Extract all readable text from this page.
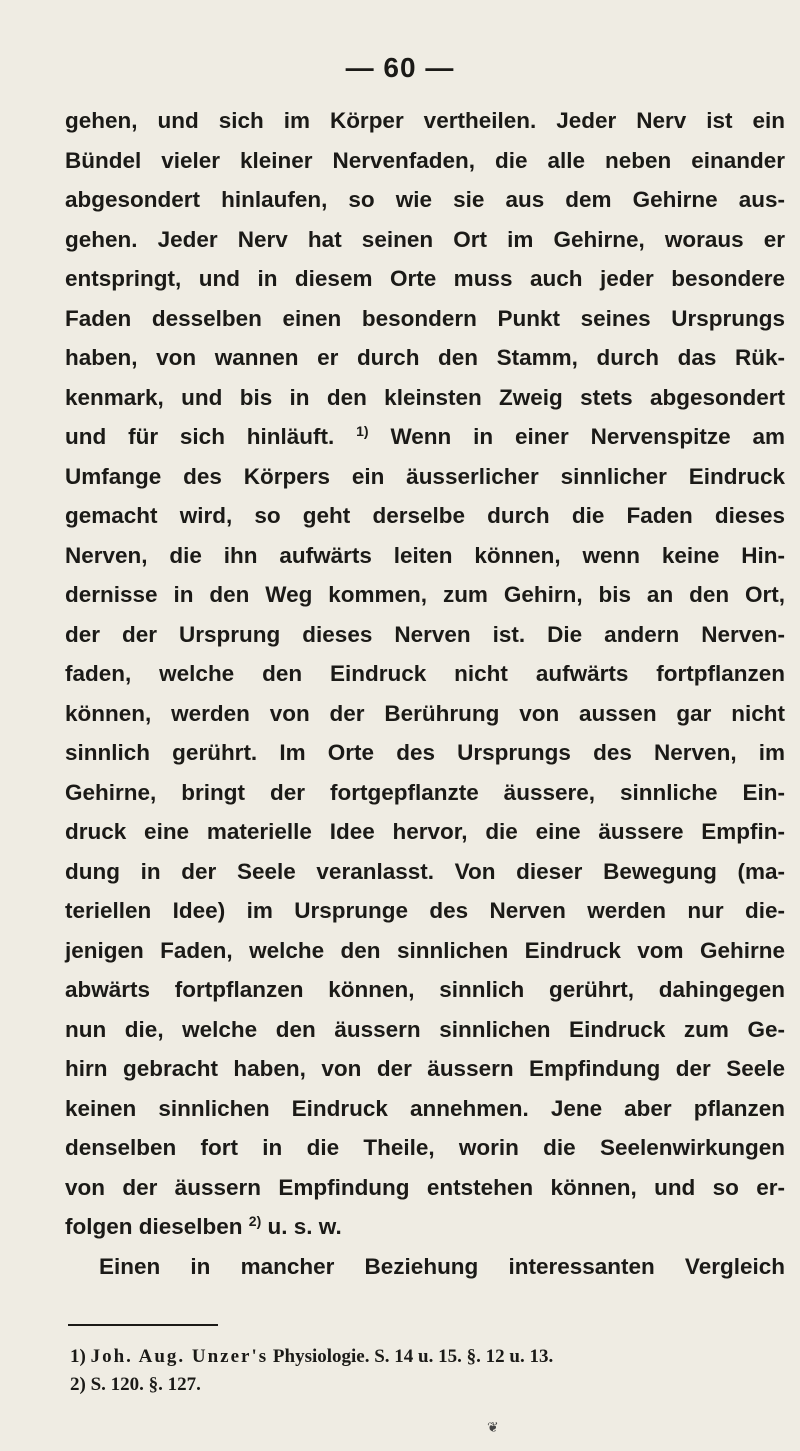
— 60 —
gehen, und sich im Körper vertheilen. Jeder Nerv ist ein
Bündel vieler kleiner Nervenfaden, die alle neben einander
abgesondert hinlaufen, so wie sie aus dem Gehirne aus-
gehen. Jeder Nerv hat seinen Ort im Gehirne, woraus er
entspringt, und in diesem Orte muss auch jeder besondere
Faden desselben einen besondern Punkt seines Ursprungs
haben, von wannen er durch den Stamm, durch das Rük-
kenmark, und bis in den kleinsten Zweig stets abgesondert
und für sich hinläuft. $^{1)}$ Wenn in einer Nervenspitze am
Umfange des Körpers ein äusserlicher sinnlicher Eindruck
gemacht wird, so geht derselbe durch die Faden dieses
Nerven, die ihn aufwärts leiten können, wenn keine Hin-
dernisse in den Weg kommen, zum Gehirn, bis an den Ort,
der der Ursprung dieses Nerven ist. Die andern Nerven-
faden, welche den Eindruck nicht aufwärts fortpflanzen
können, werden von der Berührung von aussen gar nicht
sinnlich gerührt. Im Orte des Ursprungs des Nerven, im
Gehirne, bringt der fortgepflanzte äussere, sinnliche Ein-
druck eine materielle Idee hervor, die eine äussere Empfin-
dung in der Seele veranlasst. Von dieser Bewegung (ma-
teriellen Idee) im Ursprunge des Nerven werden nur die-
jenigen Faden, welche den sinnlichen Eindruck vom Gehirne
abwärts fortpflanzen können, sinnlich gerührt, dahingegen
nun die, welche den äussern sinnlichen Eindruck zum Ge-
hirn gebracht haben, von der äussern Empfindung der Seele
keinen sinnlichen Eindruck annehmen. Jene aber pflanzen
denselben fort in die Theile, worin die Seelenwirkungen
von der äussern Empfindung entstehen können, und so er-
folgen dieselben $^{2)}$ u. s. w.
Einen in mancher Beziehung interessanten Vergleich
1) Joh. Aug. Unzer's Physiologie. S. 14 u. 15. §. 12 u. 13.
2) S. 120. §. 127.
❦
